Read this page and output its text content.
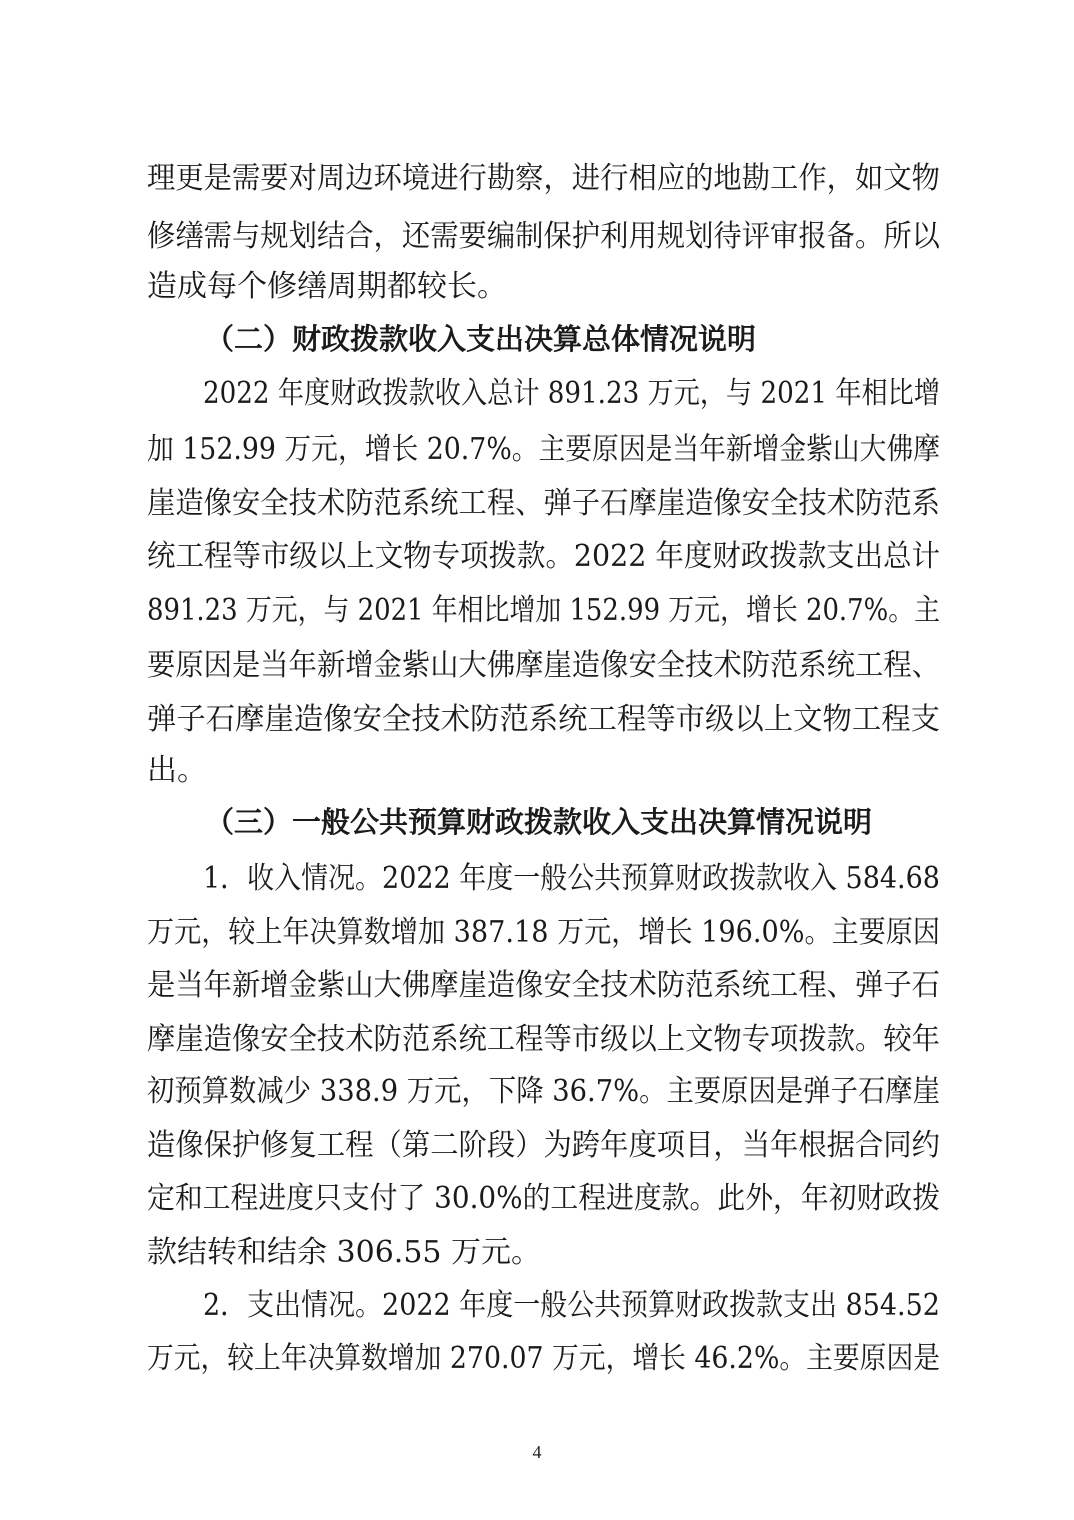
理更是需要对周边环境进行勘察，进行相应的地勘工作，如文物
修缮需与规划结合，还需要编制保护利用规划待评审报备。所以
造成每个修缮周期都较长。
（二）财政拨款收入支出决算总体情况说明
2022 年度财政拨款收入总计 891.23 万元，与 2021 年相比增
加 152.99 万元，增长 20.7%。主要原因是当年新增金紫山大佛摩
崖造像安全技术防范系统工程、弹子石摩崖造像安全技术防范系
统工程等市级以上文物专项拨款。2022 年度财政拨款支出总计
891.23 万元，与 2021 年相比增加 152.99 万元，增长 20.7%。主
要原因是当年新增金紫山大佛摩崖造像安全技术防范系统工程、
弹子石摩崖造像安全技术防范系统工程等市级以上文物工程支
出。
（三）一般公共预算财政拨款收入支出决算情况说明
1．收入情况。2022 年度一般公共预算财政拨款收入 584.68
万元，较上年决算数增加 387.18 万元，增长 196.0%。主要原因
是当年新增金紫山大佛摩崖造像安全技术防范系统工程、弹子石
摩崖造像安全技术防范系统工程等市级以上文物专项拨款。较年
初预算数减少 338.9 万元，下降 36.7%。主要原因是弹子石摩崖
造像保护修复工程（第二阶段）为跨年度项目，当年根据合同约
定和工程进度只支付了 30.0%的工程进度款。此外，年初财政拨
款结转和结余 306.55 万元。
2．支出情况。2022 年度一般公共预算财政拨款支出 854.52
万元，较上年决算数增加 270.07 万元，增长 46.2%。主要原因是
4
